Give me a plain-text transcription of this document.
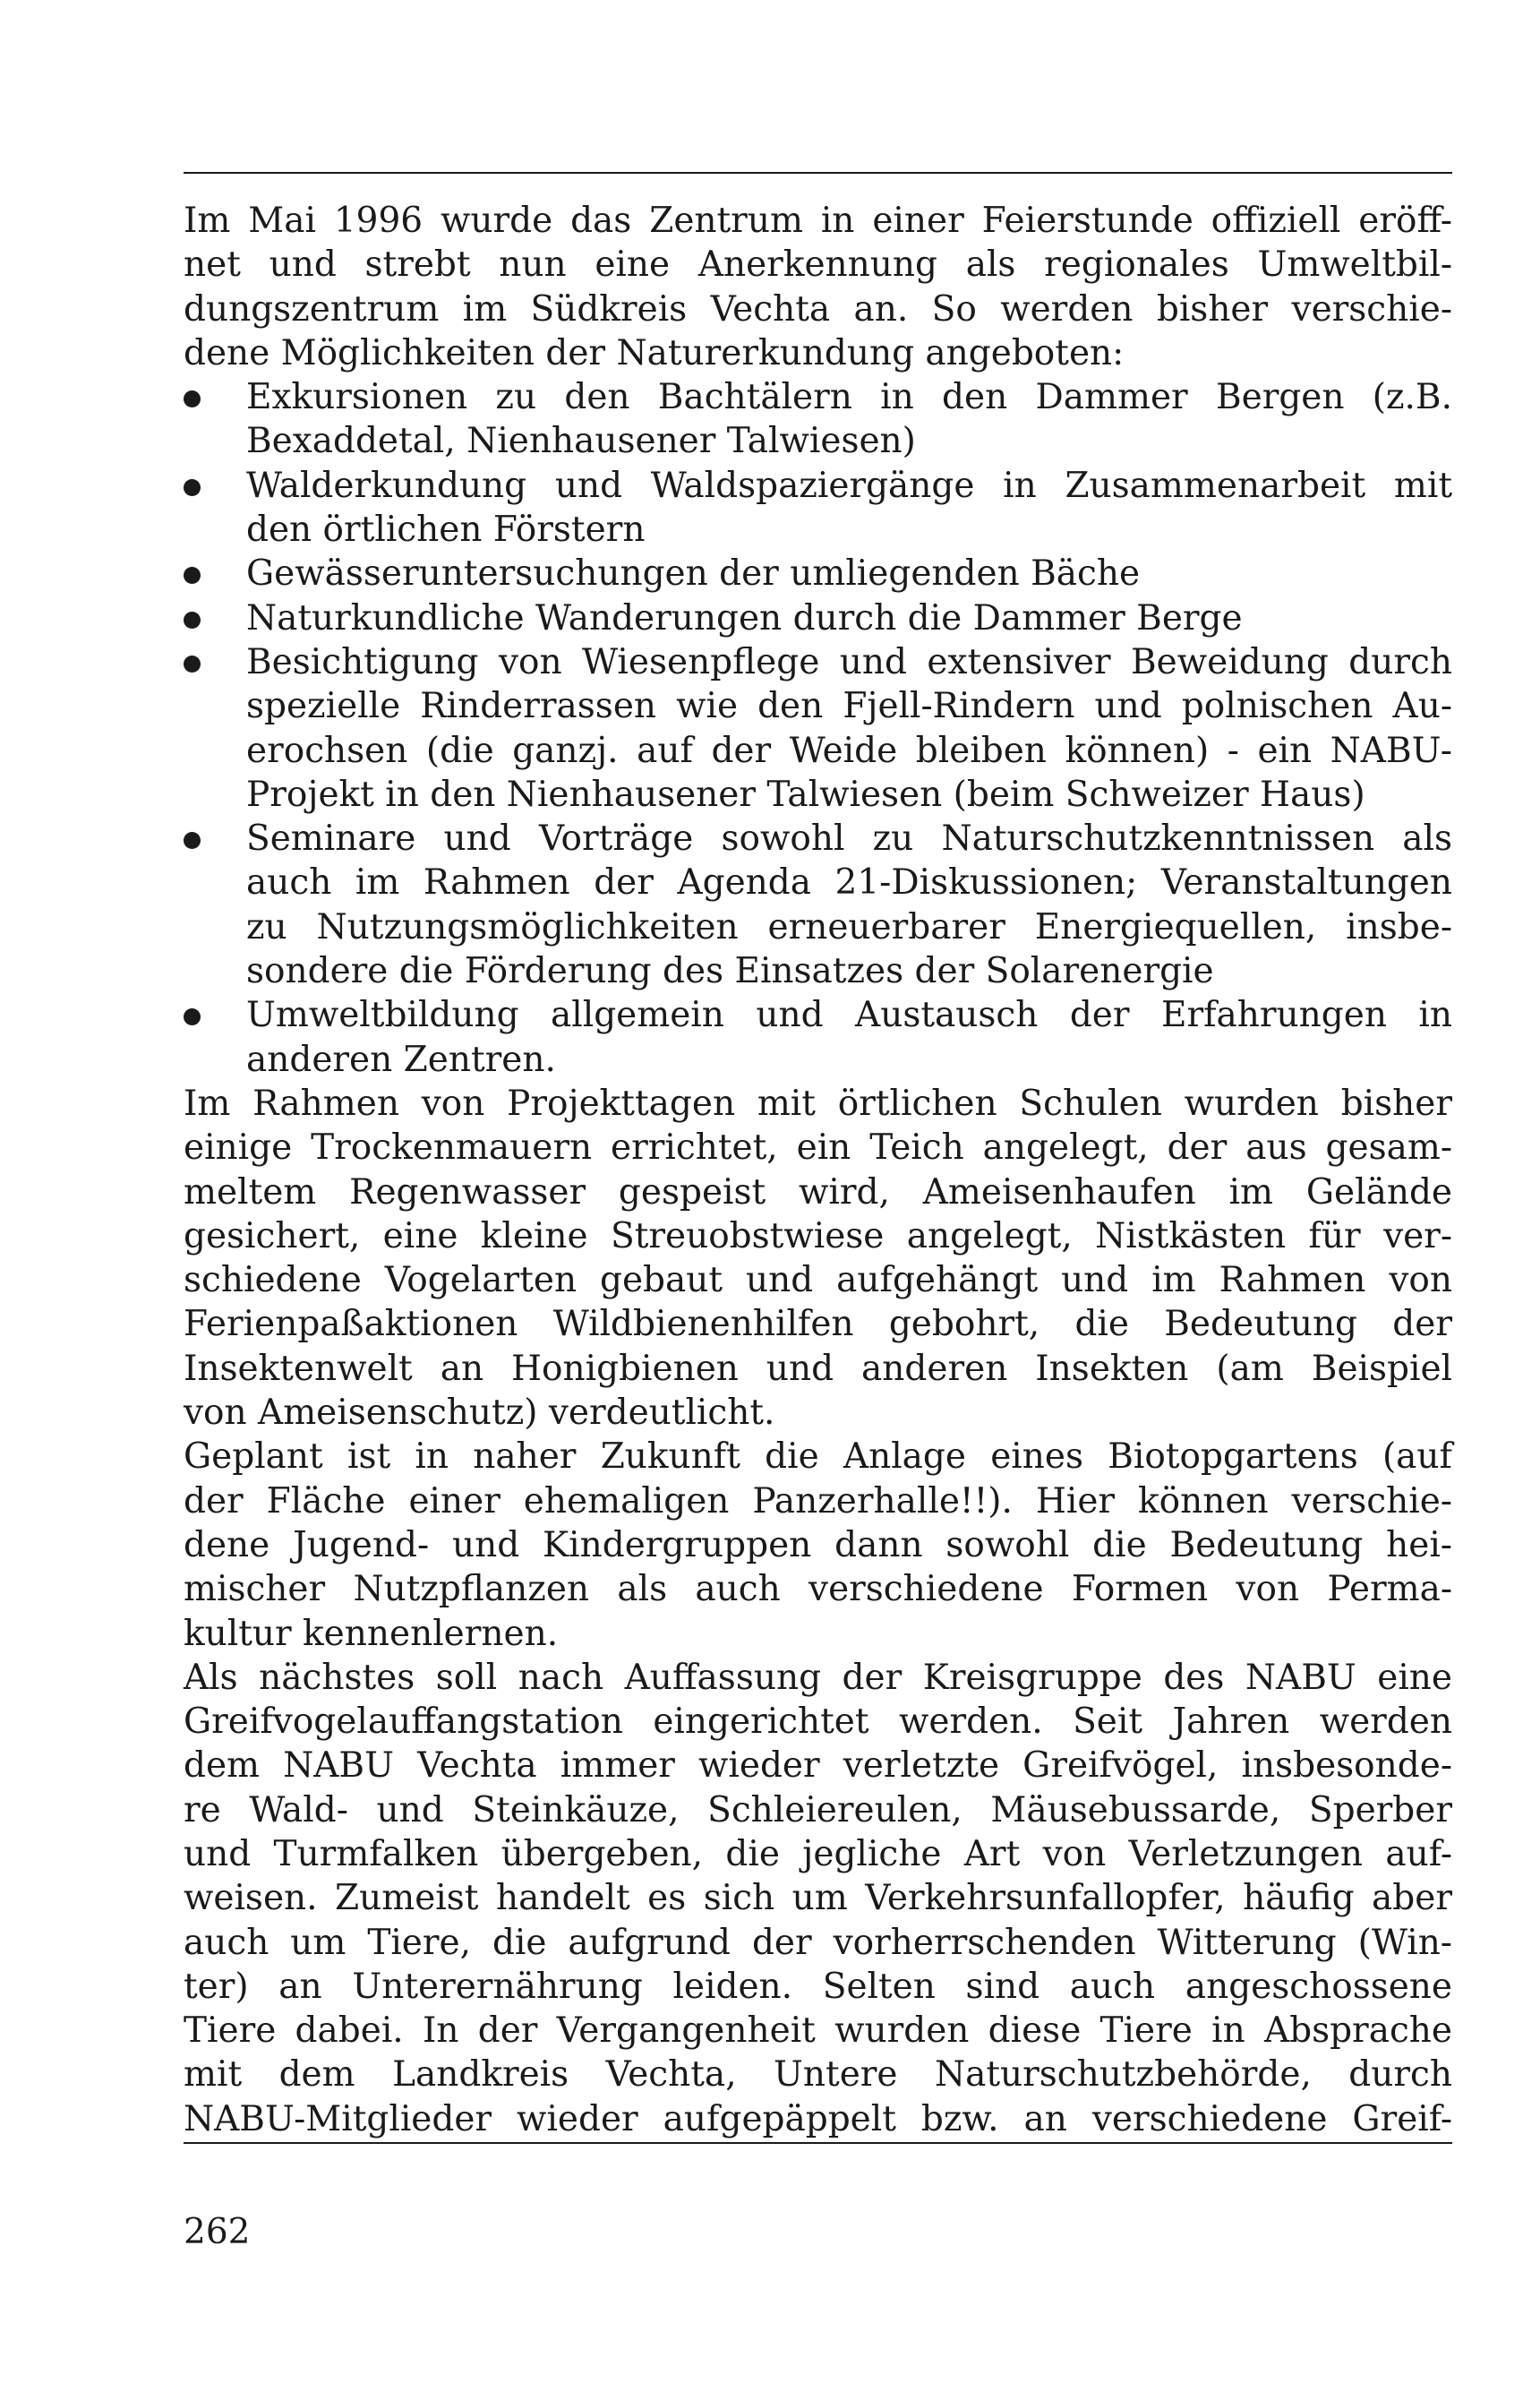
Im Mai 1996 wurde das Zentrum in einer Feierstunde offiziell eröff-
net und strebt nun eine Anerkennung als regionales Umweltbil-
dungszentrum im Südkreis Vechta an. So werden bisher verschie-
dene Möglichkeiten der Naturerkundung angeboten:
Exkursionen zu den Bachtälern in den Dammer Bergen (z.B.
Bexaddetal, Nienhausener Talwiesen)
Walderkundung und Waldspaziergänge in Zusammenarbeit mit
den örtlichen Förstern
Gewässeruntersuchungen der umliegenden Bäche
Naturkundliche Wanderungen durch die Dammer Berge
Besichtigung von Wiesenpflege und extensiver Beweidung durch
spezielle Rinderrassen wie den Fjell-Rindern und polnischen Au-
erochsen (die ganzj. auf der Weide bleiben können) - ein NABU-
Projekt in den Nienhausener Talwiesen (beim Schweizer Haus)
Seminare und Vorträge sowohl zu Naturschutzkenntnissen als
auch im Rahmen der Agenda 21-Diskussionen; Veranstaltungen
zu Nutzungsmöglichkeiten erneuerbarer Energiequellen, insbe-
sondere die Förderung des Einsatzes der Solarenergie
Umweltbildung allgemein und Austausch der Erfahrungen in
anderen Zentren.
Im Rahmen von Projekttagen mit örtlichen Schulen wurden bisher
einige Trockenmauern errichtet, ein Teich angelegt, der aus gesam-
meltem Regenwasser gespeist wird, Ameisenhaufen im Gelände
gesichert, eine kleine Streuobstwiese angelegt, Nistkästen für ver-
schiedene Vogelarten gebaut und aufgehängt und im Rahmen von
Ferienpaßaktionen Wildbienenhilfen gebohrt, die Bedeutung der
Insektenwelt an Honigbienen und anderen Insekten (am Beispiel
von Ameisenschutz) verdeutlicht.
Geplant ist in naher Zukunft die Anlage eines Biotopgartens (auf
der Fläche einer ehemaligen Panzerhalle!!). Hier können verschie-
dene Jugend- und Kindergruppen dann sowohl die Bedeutung hei-
mischer Nutzpflanzen als auch verschiedene Formen von Perma-
kultur kennenlernen.
Als nächstes soll nach Auffassung der Kreisgruppe des NABU eine
Greifvogelauffangstation eingerichtet werden. Seit Jahren werden
dem NABU Vechta immer wieder verletzte Greifvögel, insbesonde-
re Wald- und Steinkäuze, Schleiereulen, Mäusebussarde, Sperber
und Turmfalken übergeben, die jegliche Art von Verletzungen auf-
weisen. Zumeist handelt es sich um Verkehrsunfallopfer, häufig aber
auch um Tiere, die aufgrund der vorherrschenden Witterung (Win-
ter) an Unterernährung leiden. Selten sind auch angeschossene
Tiere dabei. In der Vergangenheit wurden diese Tiere in Absprache
mit dem Landkreis Vechta, Untere Naturschutzbehörde, durch
NABU-Mitglieder wieder aufgepäppelt bzw. an verschiedene Greif-
262
